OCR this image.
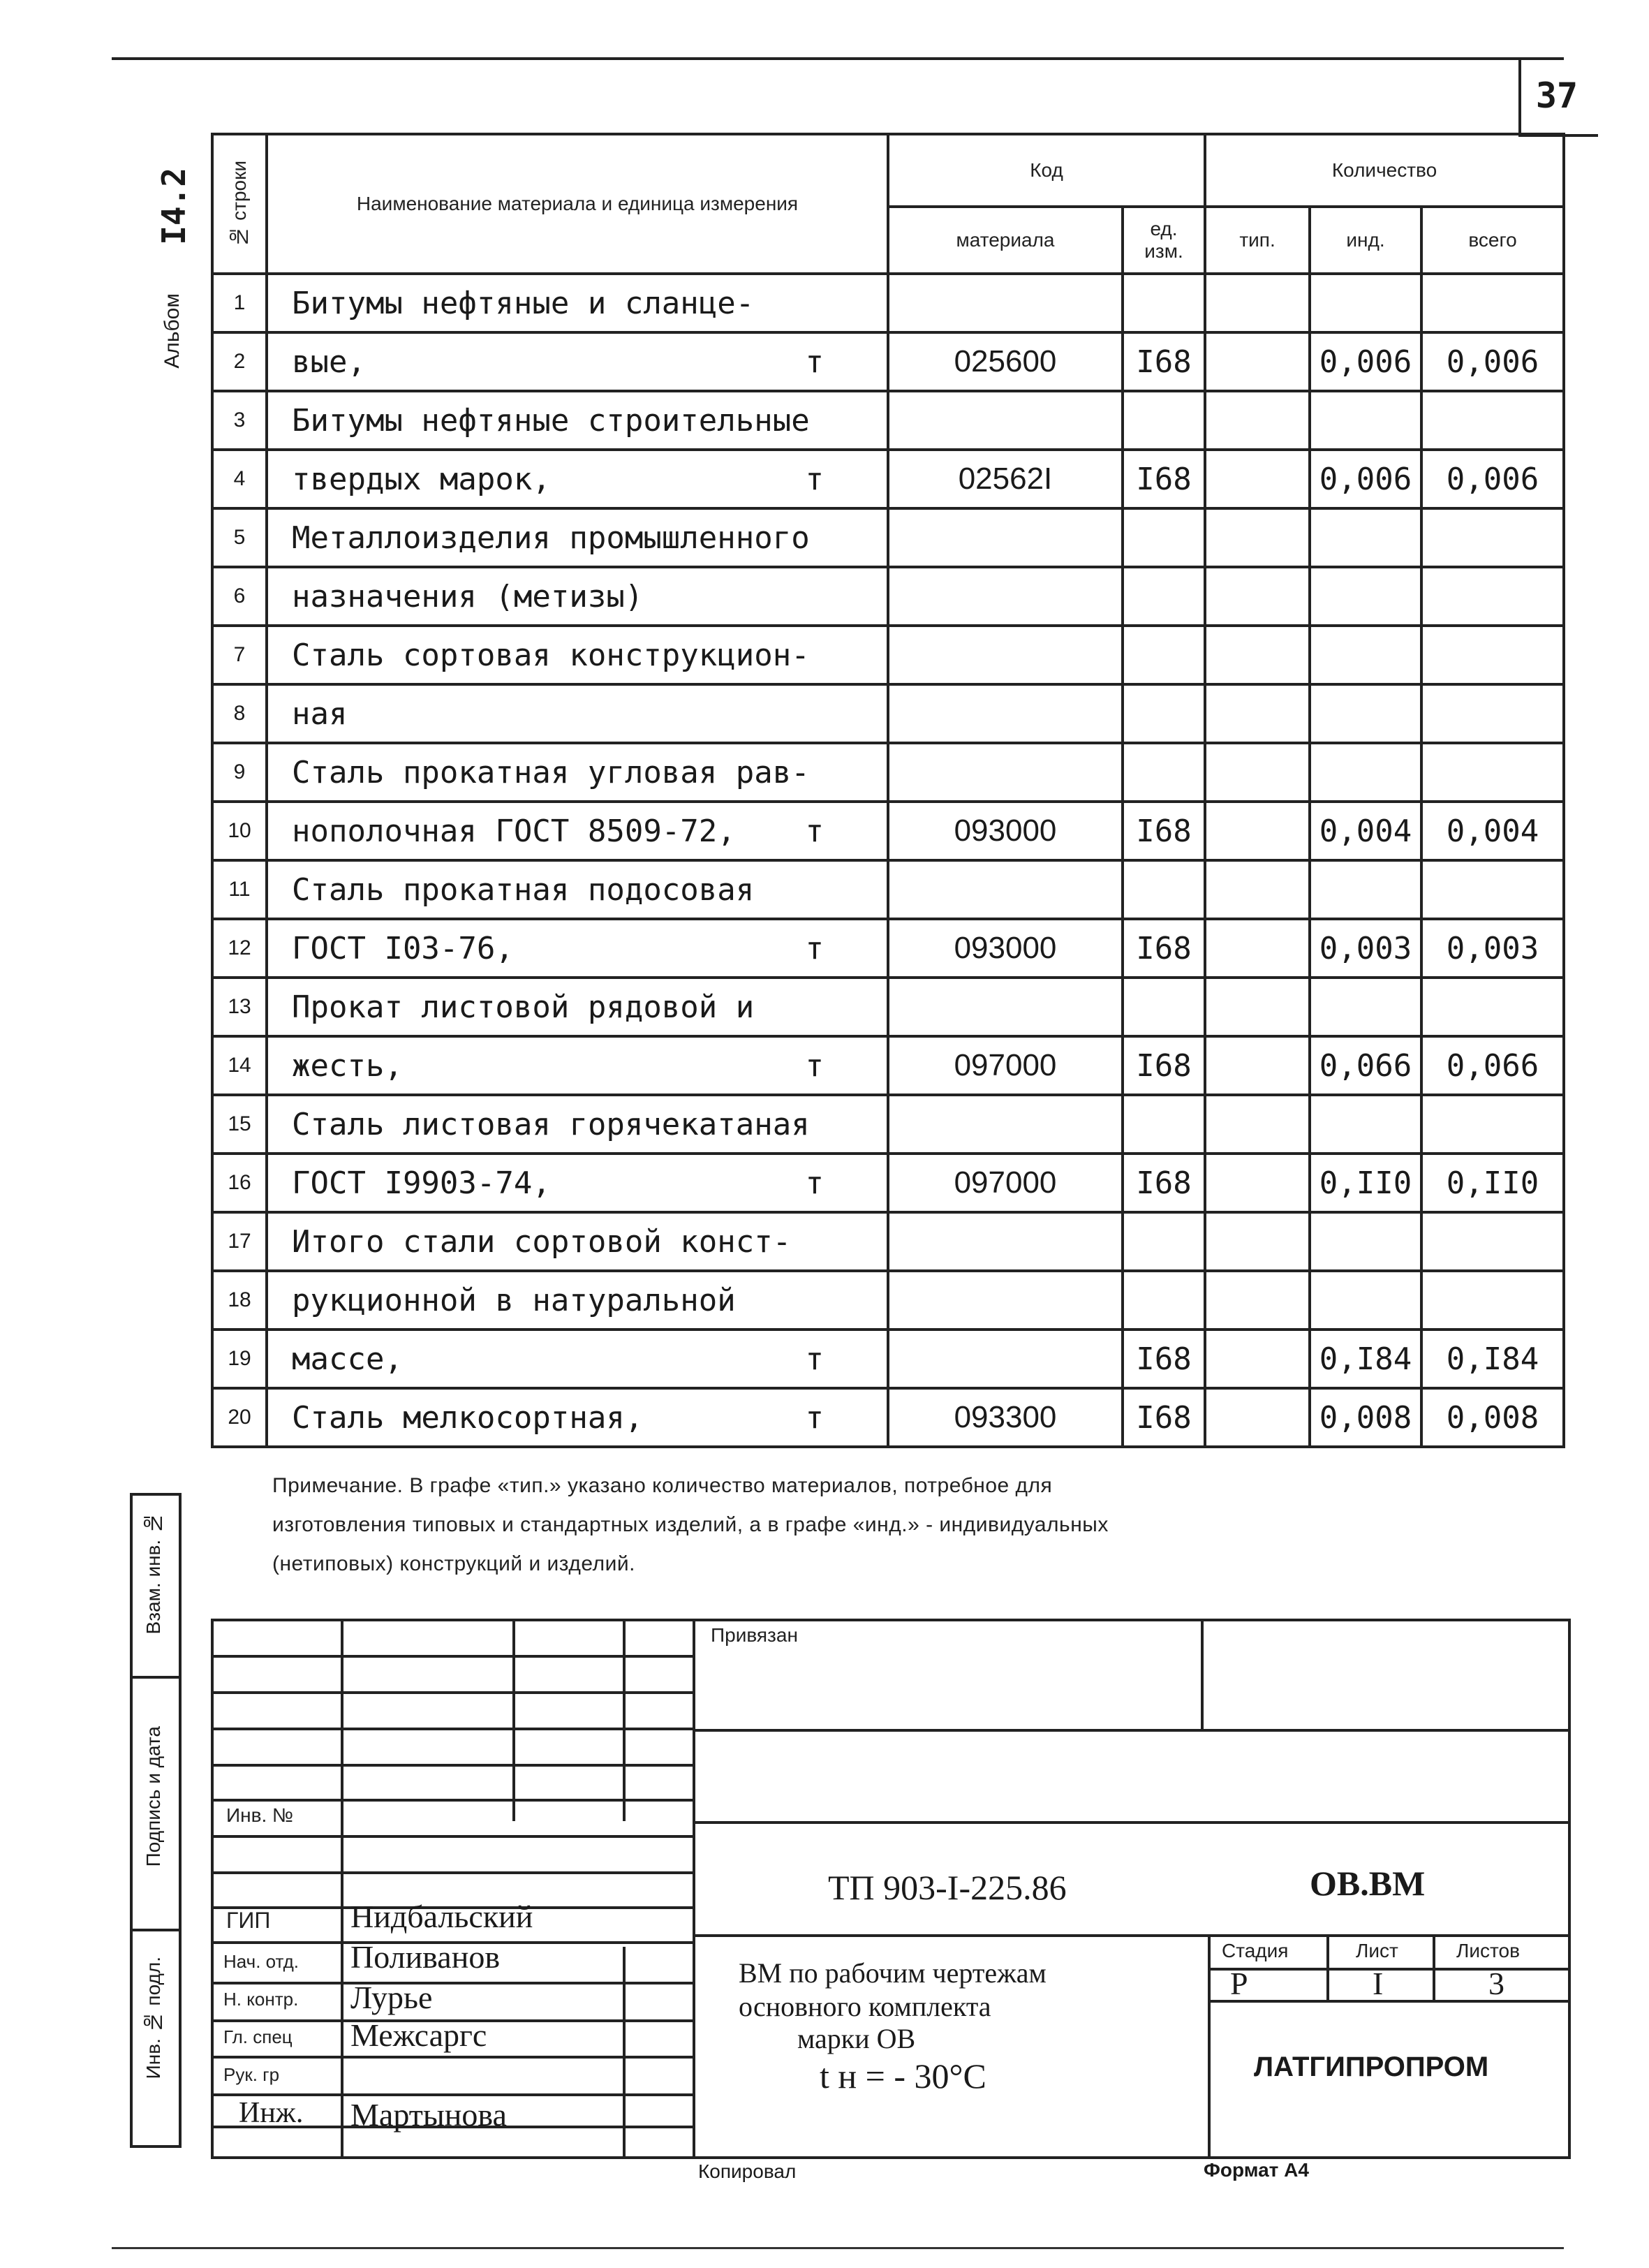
37
Альбом
I4.2 № строки	Наименование материала и единица измерения	Код		Количество		
		материала	ед. изм.	тип.	инд.	всего
1	Битумы нефтяные и сланце-

2	вые, т	025600	I68		0,006	0,006
3	Битумы нефтяные строительные

4	твердых марок, т	02562I	I68		0,006	0,006
5	Металлоизделия промышленного

6	назначения (метизы)

7	Сталь сортовая конструкцион-

8	ная

9	Сталь прокатная угловая рав-

10	нополочная ГОСТ 8509-72, т	093000	I68		0,004	0,004
11	Сталь прокатная подосовая

12	ГОСТ I03-76, т	093000	I68		0,003	0,003
13	Прокат листовой рядовой и

14	жесть, т	097000	I68		0,066	0,066
15	Сталь листовая горячекатаная

16	ГОСТ I9903-74, т	097000	I68		0,II0	0,II0
17	Итого стали сортовой конст-

18	рукционной в натуральной

19	массе, т		I68		0,I84	0,I84
20	Сталь мелкосортная, т	093300	I68		0,008	0,008
Примечание. В графе «тип.» указано количество материалов, потребное для
изготовления типовых и стандартных изделий, а в графе «инд.» - индивидуальных
(нетиповых) конструкций и изделий.
Взам. инв. №
Подпись и дата
Инв. № подл.
Привязан
Инв. №
ТП 903-I-225.86	ОВ.ВМ
ГИП Нидбальский
Нач. отд. Поливанов
Н. контр. Лурье
Гл. спец Межсаргс
Рук. гр
Инж. Мартынова
ВМ по рабочим чертежам
основного комплекта
марки ОВ
t н = - 30°С
Стадия	Лист	Листов
Р	I	3
ЛАТГИПРОПРОМ
Копировал	Формат А4
